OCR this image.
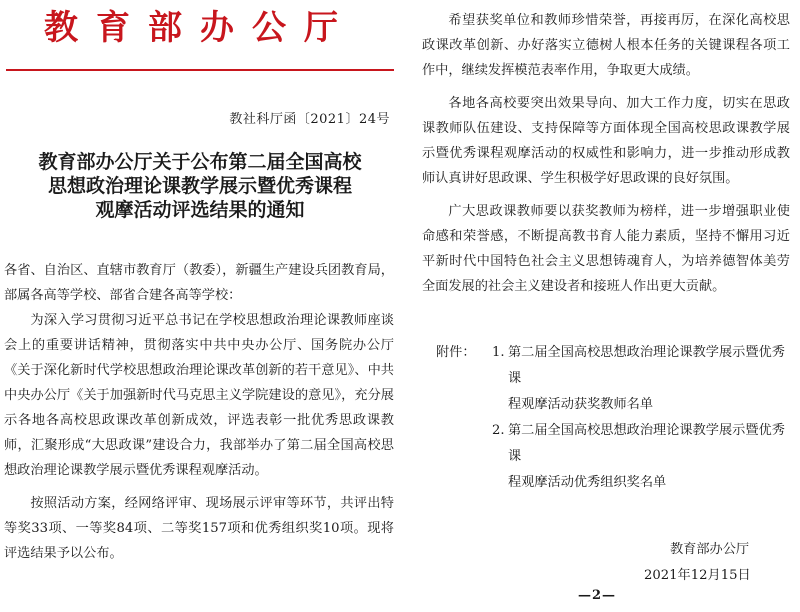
教育部办公厅
教社科厅函〔2021〕24号
教育部办公厅关于公布第二届全国高校
思想政治理论课教学展示暨优秀课程
观摩活动评选结果的通知

各省、自治区、直辖市教育厅（教委），新疆生产建设兵团教育局，部属各高等学校、部省合建各高等学校：

为深入学习贯彻习近平总书记在学校思想政治理论课教师座谈会上的重要讲话精神，贯彻落实中共中央办公厅、国务院办公厅《关于深化新时代学校思想政治理论课改革创新的若干意见》、中共中央办公厅《关于加强新时代马克思主义学院建设的意见》，充分展示各地各高校思政课改革创新成效，评选表彰一批优秀思政课教师，汇聚形成“大思政课”建设合力，我部举办了第二届全国高校思想政治理论课教学展示暨优秀课程观摩活动。

按照活动方案，经网络评审、现场展示评审等环节，共评出特等奖33项、一等奖84项、二等奖157项和优秀组织奖10项。现将评选结果予以公布。

希望获奖单位和教师珍惜荣誉，再接再厉，在深化高校思政课改革创新、办好落实立德树人根本任务的关键课程各项工作中，继续发挥模范表率作用，争取更大成绩。

各地各高校要突出效果导向、加大工作力度，切实在思政课教师队伍建设、支持保障等方面体现全国高校思政课教学展示暨优秀课程观摩活动的权威性和影响力，进一步推动形成教师认真讲好思政课、学生积极学好思政课的良好氛围。

广大思政课教师要以获奖教师为榜样，进一步增强职业使命感和荣誉感，不断提高教书育人能力素质，坚持不懈用习近平新时代中国特色社会主义思想铸魂育人，为培养德智体美劳全面发展的社会主义建设者和接班人作出更大贡献。

附件：	1. 第二届全国高校思想政治理论课教学展示暨优秀课
程观摩活动获奖教师名单
2. 第二届全国高校思想政治理论课教学展示暨优秀课
程观摩活动优秀组织奖名单
教育部办公厅
2021年12月15日
—2—
